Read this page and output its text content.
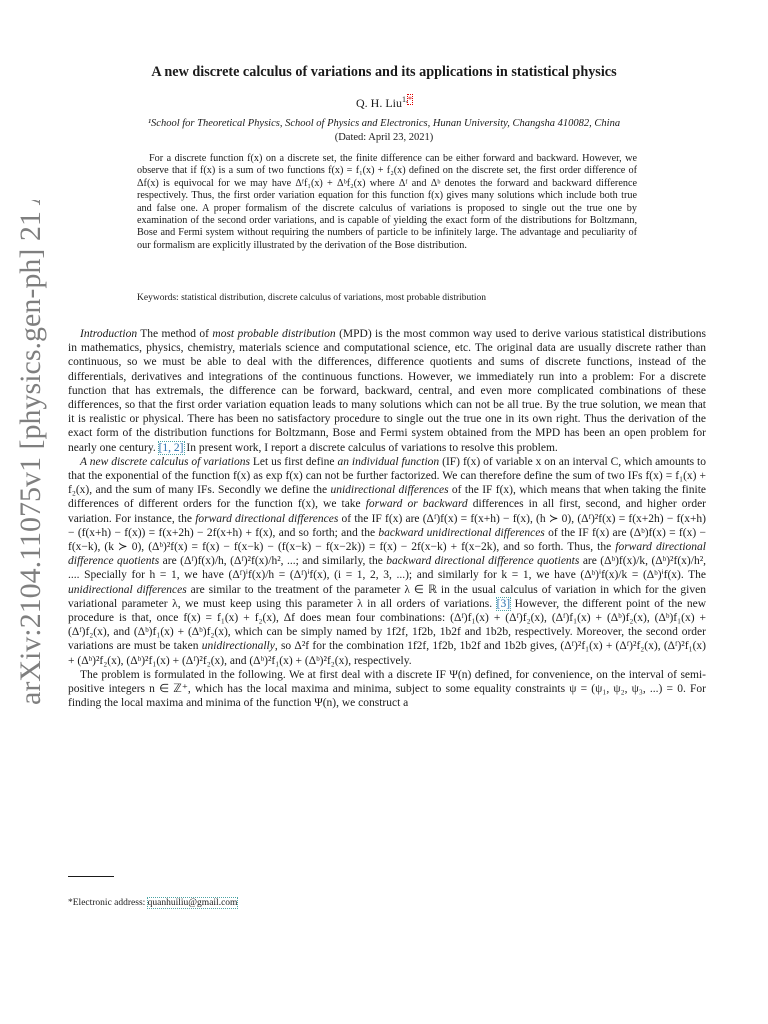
arXiv:2104.11075v1 [physics.gen-ph] 21 Apr 2021
A new discrete calculus of variations and its applications in statistical physics
Q. H. Liu$^{1,*}$
¹School for Theoretical Physics, School of Physics and Electronics, Hunan University, Changsha 410082, China
(Dated: April 23, 2021)
For a discrete function f(x) on a discrete set, the finite difference can be either forward and backward. However, we observe that if f(x) is a sum of two functions f(x) = f₁(x) + f₂(x) defined on the discrete set, the first order difference of Δf(x) is equivocal for we may have Δᶠf₁(x) + Δᵇf₂(x) where Δᶠ and Δᵇ denotes the forward and backward difference respectively. Thus, the first order variation equation for this function f(x) gives many solutions which include both true and false one. A proper formalism of the discrete calculus of variations is proposed to single out the true one by examination of the second order variations, and is capable of yielding the exact form of the distributions for Boltzmann, Bose and Fermi system without requiring the numbers of particle to be infinitely large. The advantage and peculiarity of our formalism are explicitly illustrated by the derivation of the Bose distribution.
Keywords: statistical distribution, discrete calculus of variations, most probable distribution

Introduction The method of most probable distribution (MPD) is the most common way used to derive various statistical distributions in mathematics, physics, chemistry, materials science and computational science, etc. The original data are usually discrete rather than continuous, so we must be able to deal with the differences, difference quotients and sums of discrete functions, instead of the differentials, derivatives and integrations of the continuous functions. However, we immediately run into a problem: For a discrete function that has extremals, the difference can be forward, backward, central, and even more complicated combinations of these differences, so that the first order variation equation leads to many solutions which can not be all true. By the true solution, we mean that it is realistic or physical. There has been no satisfactory procedure to single out the true one in its own right. Thus the derivation of the exact form of the distribution functions for Boltzmann, Bose and Fermi system obtained from the MPD has been an open problem for nearly one century. [1, 2] In present work, I report a discrete calculus of variations to resolve this problem.

A new discrete calculus of variations Let us first define an individual function (IF) f(x) of variable x on an interval C, which amounts to that the exponential of the function f(x) as exp f(x) can not be further factorized. We can therefore define the sum of two IFs f(x) = f₁(x) + f₂(x), and the sum of many IFs. Secondly we define the unidirectional differences of the IF f(x), which means that when taking the finite differences of different orders for the function f(x), we take forward or backward differences in all first, second, and higher order variation. For instance, the forward directional differences of the IF f(x) are (Δᶠ)f(x) = f(x+h) − f(x), (h ≻ 0), (Δᶠ)²f(x) = f(x+2h) − f(x+h) − (f(x+h) − f(x)) = f(x+2h) − 2f(x+h) + f(x), and so forth; and the backward unidirectional differences of the IF f(x) are (Δᵇ)f(x) = f(x) − f(x−k), (k ≻ 0), (Δᵇ)²f(x) = f(x) − f(x−k) − (f(x−k) − f(x−2k)) = f(x) − 2f(x−k) + f(x−2k), and so forth. Thus, the forward directional difference quotients are (Δᶠ)f(x)/h, (Δᶠ)²f(x)/h², ...; and similarly, the backward directional difference quotients are (Δᵇ)f(x)/k, (Δᵇ)²f(x)/h², .... Specially for h = 1, we have (Δᶠ)ⁱf(x)/h = (Δᶠ)ⁱf(x), (i = 1, 2, 3, ...); and similarly for k = 1, we have (Δᵇ)ⁱf(x)/k = (Δᵇ)ⁱf(x). The unidirectional differences are similar to the treatment of the parameter λ ∈ ℝ in the usual calculus of variation in which for the given variational parameter λ, we must keep using this parameter λ in all orders of variations. [3] However, the different point of the new procedure is that, once f(x) = f₁(x) + f₂(x), Δf does mean four combinations: (Δᶠ)f₁(x) + (Δᶠ)f₂(x), (Δᶠ)f₁(x) + (Δᵇ)f₂(x), (Δᵇ)f₁(x) + (Δᶠ)f₂(x), and (Δᵇ)f₁(x) + (Δᵇ)f₂(x), which can be simply named by 1f2f, 1f2b, 1b2f and 1b2b, respectively. Moreover, the second order variations are must be taken unidirectionally, so Δ²f for the combination 1f2f, 1f2b, 1b2f and 1b2b gives, (Δᶠ)²f₁(x) + (Δᶠ)²f₂(x), (Δᶠ)²f₁(x) + (Δᵇ)²f₂(x), (Δᵇ)²f₁(x) + (Δᶠ)²f₂(x), and (Δᵇ)²f₁(x) + (Δᵇ)²f₂(x), respectively.

The problem is formulated in the following. We at first deal with a discrete IF Ψ(n) defined, for convenience, on the interval of semi-positive integers n ∈ ℤ⁺, which has the local maxima and minima, subject to some equality constraints ψ = (ψ₁, ψ₂, ψ₃, ...) = 0. For finding the local maxima and minima of the function Ψ(n), we construct a

*Electronic address: quanhuiliu@gmail.com
